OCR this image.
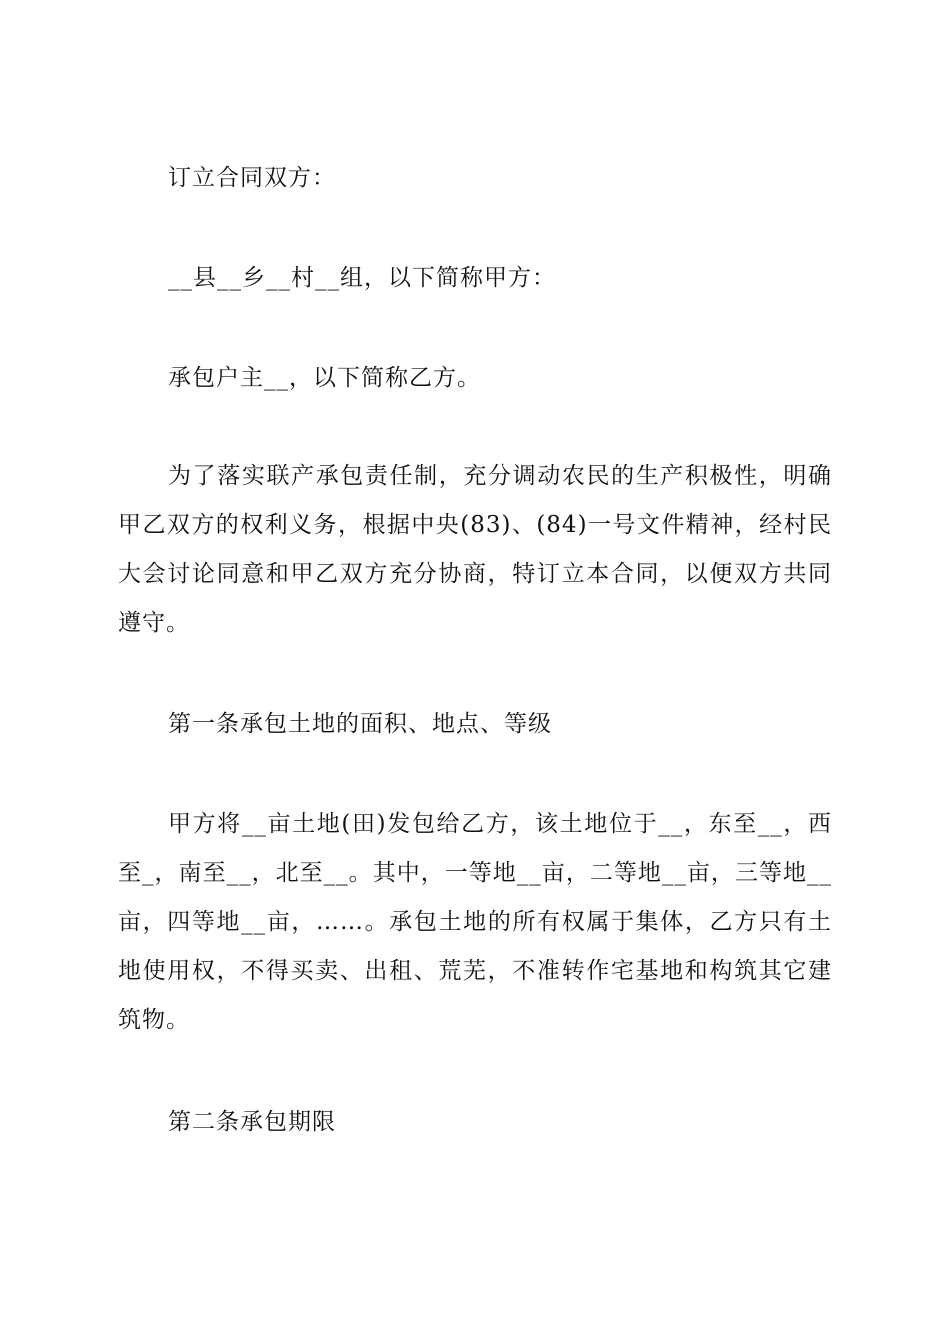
订立合同双方：

__县__乡__村__组，以下简称甲方：

承包户主__，以下简称乙方。

为了落实联产承包责任制，充分调动农民的生产积极性，明确甲乙双方的权利义务，根据中央(83)、(84)一号文件精神，经村民大会讨论同意和甲乙双方充分协商，特订立本合同，以便双方共同遵守。

第一条承包土地的面积、地点、等级

甲方将__亩土地(田)发包给乙方，该土地位于__，东至__，西至_，南至__，北至__。其中，一等地__亩，二等地__亩，三等地__亩，四等地__亩，……。承包土地的所有权属于集体，乙方只有土地使用权，不得买卖、出租、荒芜，不准转作宅基地和构筑其它建筑物。

第二条承包期限
